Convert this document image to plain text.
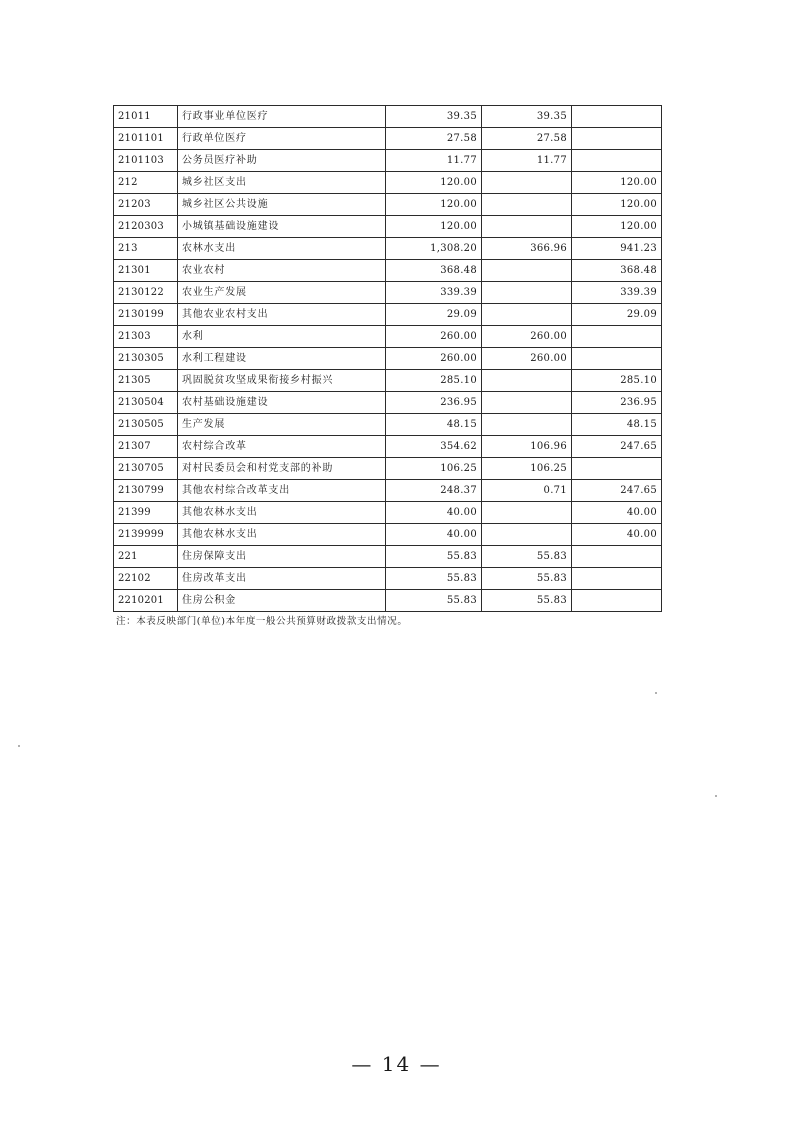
21011	行政事业单位医疗	39.35	39.35	
2101101	行政单位医疗	27.58	27.58	
2101103	公务员医疗补助	11.77	11.77	
212	城乡社区支出	120.00		120.00
21203	城乡社区公共设施	120.00		120.00
2120303	小城镇基础设施建设	120.00		120.00
213	农林水支出	1,308.20	366.96	941.23
21301	农业农村	368.48		368.48
2130122	农业生产发展	339.39		339.39
2130199	其他农业农村支出	29.09		29.09
21303	水利	260.00	260.00	
2130305	水利工程建设	260.00	260.00	
21305	巩固脱贫攻坚成果衔接乡村振兴	285.10		285.10
2130504	农村基础设施建设	236.95		236.95
2130505	生产发展	48.15		48.15
21307	农村综合改革	354.62	106.96	247.65
2130705	对村民委员会和村党支部的补助	106.25	106.25	
2130799	其他农村综合改革支出	248.37	0.71	247.65
21399	其他农林水支出	40.00		40.00
2139999	其他农林水支出	40.00		40.00
221	住房保障支出	55.83	55.83	
22102	住房改革支出	55.83	55.83	
2210201	住房公积金	55.83	55.83	
注：本表反映部门(单位)本年度一般公共预算财政拨款支出情况。
— 14 —
